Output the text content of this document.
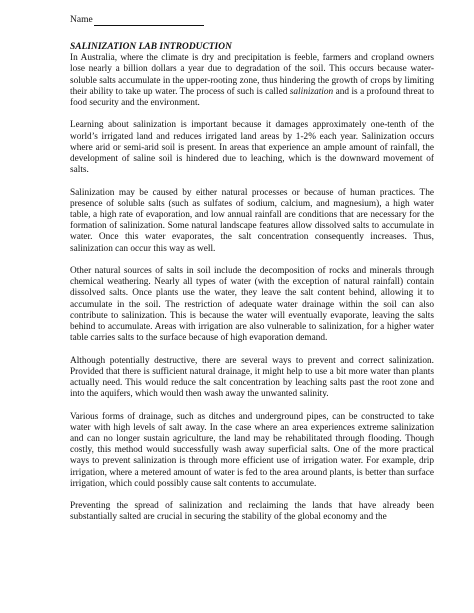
Name
SALINIZATION LAB INTRODUCTION

In Australia, where the climate is dry and precipitation is feeble, farmers and cropland owners lose nearly a billion dollars a year due to degradation of the soil. This occurs because water-soluble salts accumulate in the upper-rooting zone, thus hindering the growth of crops by limiting their ability to take up water. The process of such is called salinization and is a profound threat to food security and the environment.

Learning about salinization is important because it damages approximately one-tenth of the world’s irrigated land and reduces irrigated land areas by 1-2% each year. Salinization occurs where arid or semi-arid soil is present. In areas that experience an ample amount of rainfall, the development of saline soil is hindered due to leaching, which is the downward movement of salts.

Salinization may be caused by either natural processes or because of human practices. The presence of soluble salts (such as sulfates of sodium, calcium, and magnesium), a high water table, a high rate of evaporation, and low annual rainfall are conditions that are necessary for the formation of salinization. Some natural landscape features allow dissolved salts to accumulate in water. Once this water evaporates, the salt concentration consequently increases. Thus, salinization can occur this way as well.

Other natural sources of salts in soil include the decomposition of rocks and minerals through chemical weathering. Nearly all types of water (with the exception of natural rainfall) contain dissolved salts. Once plants use the water, they leave the salt content behind, allowing it to accumulate in the soil. The restriction of adequate water drainage within the soil can also contribute to salinization. This is because the water will eventually evaporate, leaving the salts behind to accumulate. Areas with irrigation are also vulnerable to salinization, for a higher water table carries salts to the surface because of high evaporation demand.

Although potentially destructive, there are several ways to prevent and correct salinization. Provided that there is sufficient natural drainage, it might help to use a bit more water than plants actually need. This would reduce the salt concentration by leaching salts past the root zone and into the aquifers, which would then wash away the unwanted salinity.

Various forms of drainage, such as ditches and underground pipes, can be constructed to take water with high levels of salt away. In the case where an area experiences extreme salinization and can no longer sustain agriculture, the land may be rehabilitated through flooding. Though costly, this method would successfully wash away superficial salts. One of the more practical ways to prevent salinization is through more efficient use of irrigation water. For example, drip irrigation, where a metered amount of water is fed to the area around plants, is better than surface irrigation, which could possibly cause salt contents to accumulate.

Preventing the spread of salinization and reclaiming the lands that have already been substantially salted are crucial in securing the stability of the global economy and the
